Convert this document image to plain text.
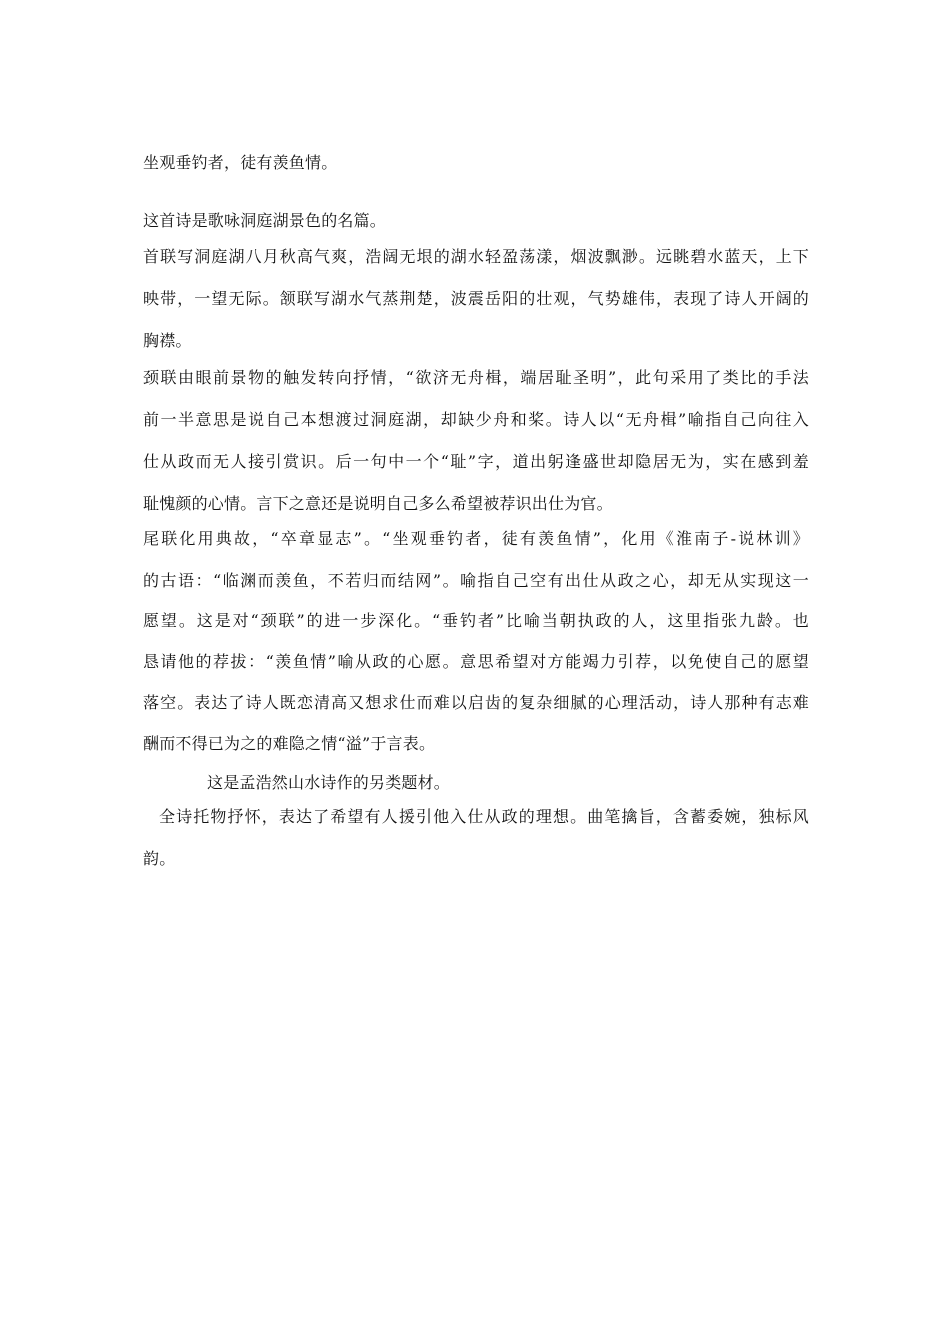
坐观垂钓者，徒有羡鱼情。
这首诗是歌咏洞庭湖景色的名篇。
首联写洞庭湖八月秋高气爽，浩阔无垠的湖水轻盈荡漾，烟波飘渺。远眺碧水蓝天，上下
映带，一望无际。颔联写湖水气蒸荆楚，波震岳阳的壮观，气势雄伟，表现了诗人开阔的
胸襟。
颈联由眼前景物的触发转向抒情，“欲济无舟楫，端居耻圣明”，此句采用了类比的手法
前一半意思是说自己本想渡过洞庭湖，却缺少舟和桨。诗人以“无舟楫”喻指自己向往入
仕从政而无人接引赏识。后一句中一个“耻”字，道出躬逢盛世却隐居无为，实在感到羞
耻愧颜的心情。言下之意还是说明自己多么希望被荐识出仕为官。
尾联化用典故，“卒章显志”。“坐观垂钓者，徒有羡鱼情”，化用《淮南子-说林训》
的古语：“临渊而羡鱼，不若归而结网”。喻指自己空有出仕从政之心，却无从实现这一
愿望。这是对“颈联”的进一步深化。“垂钓者”比喻当朝执政的人，这里指张九龄。也
恳请他的荐拔：“羡鱼情”喻从政的心愿。意思希望对方能竭力引荐，以免使自己的愿望
落空。表达了诗人既恋清高又想求仕而难以启齿的复杂细腻的心理活动，诗人那种有志难
酬而不得已为之的难隐之情“溢”于言表。
这是孟浩然山水诗作的另类题材。
全诗托物抒怀，表达了希望有人援引他入仕从政的理想。曲笔擒旨，含蓄委婉，独标风
韵。
